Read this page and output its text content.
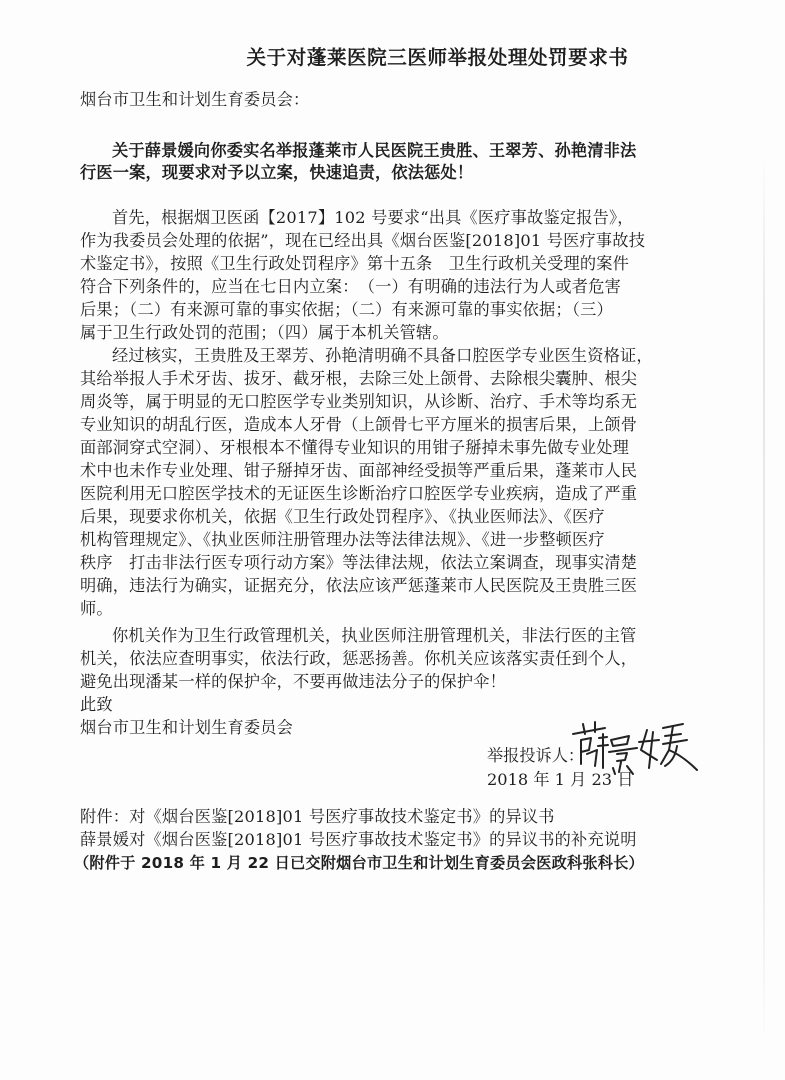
关于对蓬莱医院三医师举报处理处罚要求书
烟台市卫生和计划生育委员会：
关于薛景媛向你委实名举报蓬莱市人民医院王贵胜、王翠芳、孙艳清非法
行医一案，现要求对予以立案，快速追责，依法惩处！
首先，根据烟卫医函【2017】102 号要求“出具《医疗事故鉴定报告》，
作为我委员会处理的依据”，现在已经出具《烟台医鉴[2018]01 号医疗事故技
术鉴定书》，按照《卫生行政处罚程序》第十五条　卫生行政机关受理的案件
符合下列条件的，应当在七日内立案：　（一）有明确的违法行为人或者危害
后果；（二）有来源可靠的事实依据；（二）有来源可靠的事实依据；（三）
属于卫生行政处罚的范围；（四）属于本机关管辖。
经过核实，王贵胜及王翠芳、孙艳清明确不具备口腔医学专业医生资格证，
其给举报人手术牙齿、拔牙、截牙根，去除三处上颌骨、去除根尖囊肿、根尖
周炎等，属于明显的无口腔医学专业类别知识，从诊断、治疗、手术等均系无
专业知识的胡乱行医，造成本人牙骨（上颌骨七平方厘米的损害后果，上颌骨
面部洞穿式空洞）、牙根根本不懂得专业知识的用钳子掰掉未事先做专业处理
术中也未作专业处理、钳子掰掉牙齿、面部神经受损等严重后果，蓬莱市人民
医院利用无口腔医学技术的无证医生诊断治疗口腔医学专业疾病，造成了严重
后果，现要求你机关，依据《卫生行政处罚程序》、《执业医师法》、《医疗
机构管理规定》、《执业医师注册管理办法等法律法规》、《进一步整顿医疗
秩序　打击非法行医专项行动方案》等法律法规，依法立案调查，现事实清楚
明确，违法行为确实，证据充分，依法应该严惩蓬莱市人民医院及王贵胜三医
师。
你机关作为卫生行政管理机关，执业医师注册管理机关，非法行医的主管
机关，依法应查明事实，依法行政，惩恶扬善。你机关应该落实责任到个人，
避免出现潘某一样的保护伞，不要再做违法分子的保护伞！
此致
烟台市卫生和计划生育委员会
举报投诉人：
2018 年 1 月 23 日
附件：对《烟台医鉴[2018]01 号医疗事故技术鉴定书》的异议书
薛景媛对《烟台医鉴[2018]01 号医疗事故技术鉴定书》的异议书的补充说明
（附件于 2018 年 1 月 22 日已交附烟台市卫生和计划生育委员会医政科张科长）
